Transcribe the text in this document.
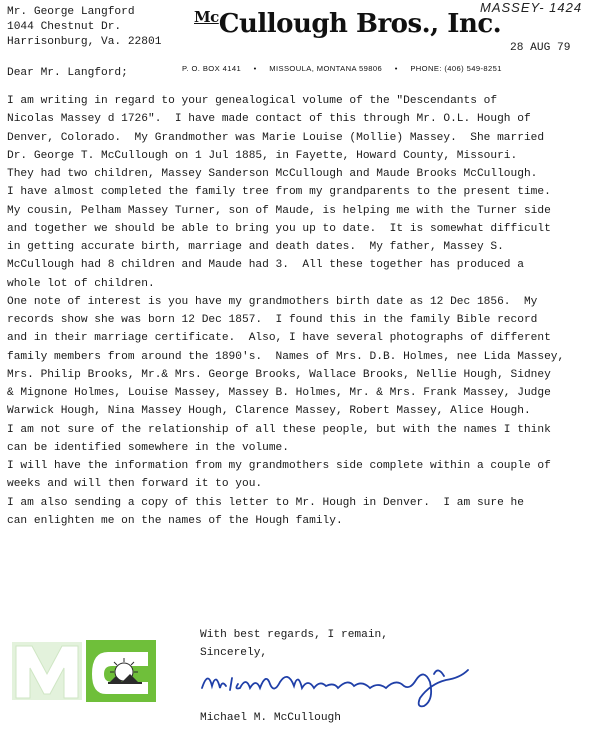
MASSEY- 1424
Mr. George Langford
1044 Chestnut Dr.
Harrisonburg, Va. 22801
$^{Mc}$Cullough Bros., Inc.
28 AUG 79
P. O. BOX 4141     •     MISSOULA, MONTANA 59806     •     PHONE: (406) 549-8251
Dear Mr. Langford;
I am writing in regard to your genealogical volume of the "Descendants of
Nicolas Massey d 1726".  I have made contact of this through Mr. O.L. Hough of
Denver, Colorado.  My Grandmother was Marie Louise (Mollie) Massey.  She married
Dr. George T. McCullough on 1 Jul 1885, in Fayette, Howard County, Missouri.
They had two children, Massey Sanderson McCullough and Maude Brooks McCullough.
I have almost completed the family tree from my grandparents to the present time.
My cousin, Pelham Massey Turner, son of Maude, is helping me with the Turner side
and together we should be able to bring you up to date.  It is somewhat difficult
in getting accurate birth, marriage and death dates.  My father, Massey S.
McCullough had 8 children and Maude had 3.  All these together has produced a
whole lot of children.
One note of interest is you have my grandmothers birth date as 12 Dec 1856.  My
records show she was born 12 Dec 1857.  I found this in the family Bible record
and in their marriage certificate.  Also, I have several photographs of different
family members from around the 1890's.  Names of Mrs. D.B. Holmes, nee Lida Massey,
Mrs. Philip Brooks, Mr.& Mrs. George Brooks, Wallace Brooks, Nellie Hough, Sidney
& Mignone Holmes, Louise Massey, Massey B. Holmes, Mr. & Mrs. Frank Massey, Judge
Warwick Hough, Nina Massey Hough, Clarence Massey, Robert Massey, Alice Hough.
I am not sure of the relationship of all these people, but with the names I think
can be identified somewhere in the volume.
I will have the information from my grandmothers side complete within a couple of
weeks and will then forward it to you.
I am also sending a copy of this letter to Mr. Hough in Denver.  I am sure he
can enlighten me on the names of the Hough family.
With best regards, I remain,
Sincerely,
Michael M. McCullough
